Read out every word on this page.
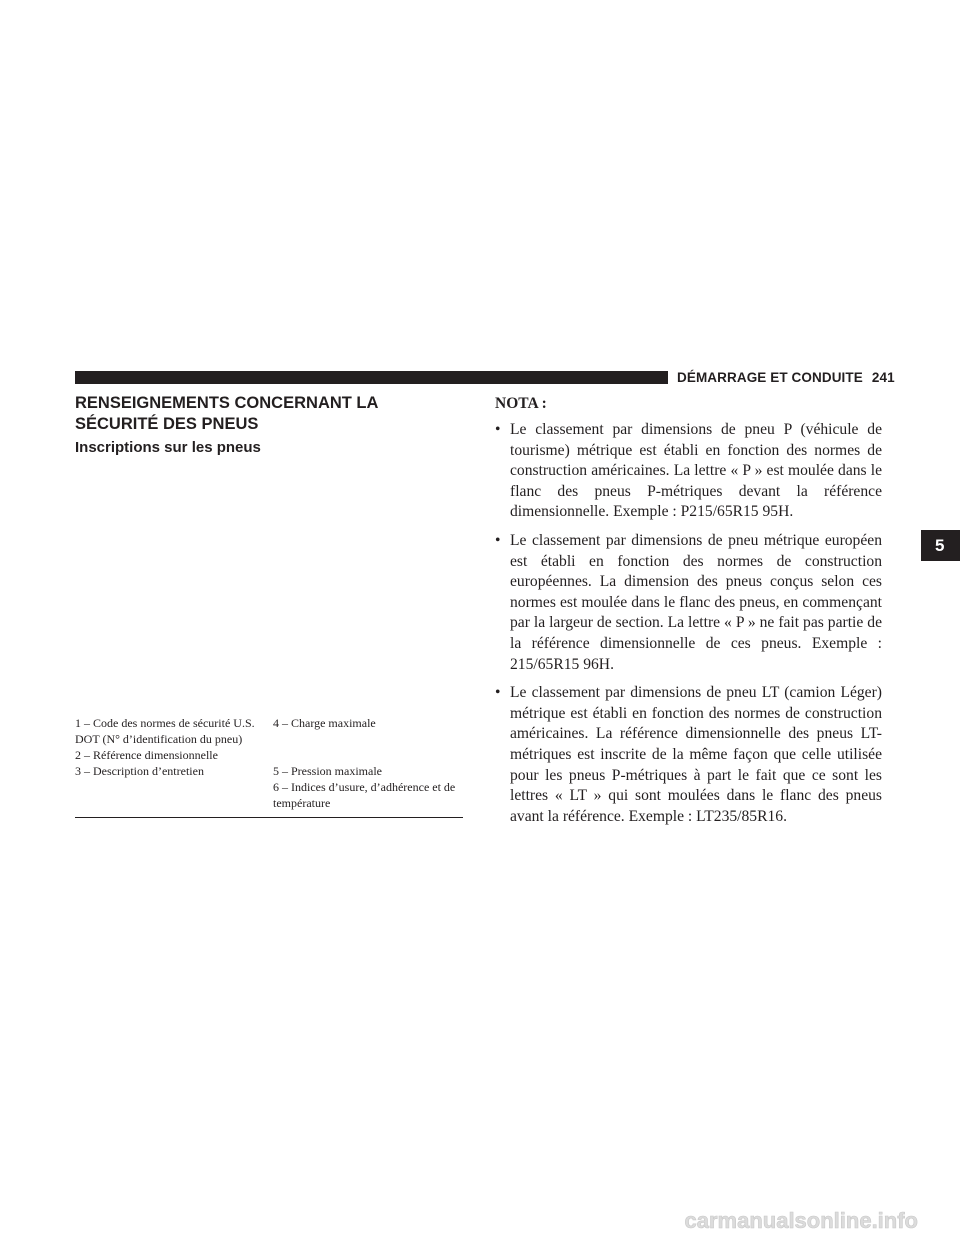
DÉMARRAGE ET CONDUITE 241
5
RENSEIGNEMENTS CONCERNANT LA SÉCURITÉ DES PNEUS
Inscriptions sur les pneus
1 – Code des normes de sécurité U.S. DOT (N° d’identification du pneu)
2 – Référence dimensionnelle
3 – Description d’entretien
4 – Charge maximale
5 – Pression maximale
6 – Indices d’usure, d’adhérence et de température

NOTA :

• Le classement par dimensions de pneu P (véhicule de tourisme) métrique est établi en fonction des normes de construction américaines. La lettre « P » est moulée dans le flanc des pneus P-métriques devant la référence dimensionnelle. Exemple : P215/65R15 95H.
• Le classement par dimensions de pneu métrique européen est établi en fonction des normes de construction européennes. La dimension des pneus conçus selon ces normes est moulée dans le flanc des pneus, en commençant par la largeur de section. La lettre « P » ne fait pas partie de la référence dimensionnelle de ces pneus. Exemple : 215/65R15 96H.
• Le classement par dimensions de pneu LT (camion Léger) métrique est établi en fonction des normes de construction américaines. La référence dimensionnelle des pneus LT-métriques est inscrite de la même façon que celle utilisée pour les pneus P-métriques à part le fait que ce sont les lettres « LT » qui sont moulées dans le flanc des pneus avant la référence. Exemple : LT235/85R16.
carmanualsonline.info
